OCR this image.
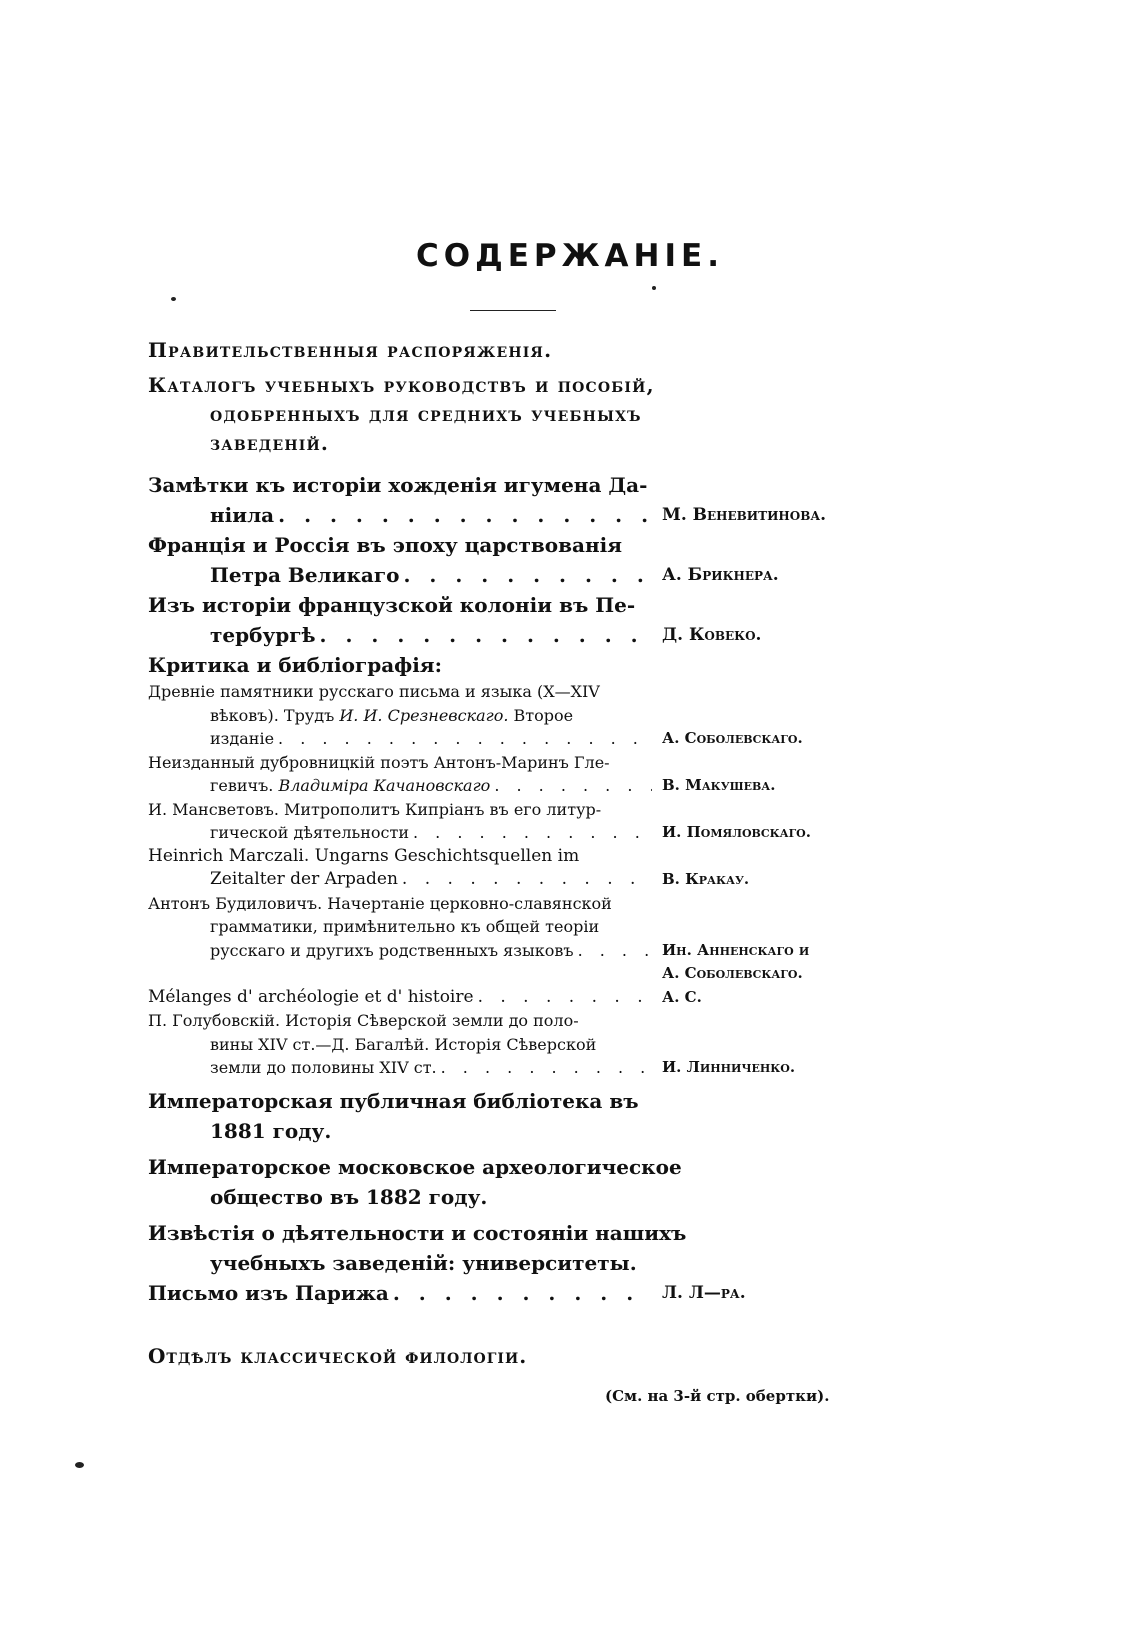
СОДЕРЖАНІЕ.
Правительственныя распоряженія.
Каталогъ учебныхъ руководствъ и пособій,
одобренныхъ для среднихъ учебныхъ
заведеній.
Замѣтки къ исторіи хожденія игумена Да-
ніила . . .	М. Веневитинова.
Франція и Россія въ эпоху царствованія
Петра Великаго . . .	А. Брикнера.
Изъ исторіи французской колоніи въ Пе-
тербургѣ . . .	Д. Ковеко.
Критика и библіографія:
Древніе памятники русскаго письма и языка (X—XIV
вѣковъ). Трудъ И. И. Срезневскаго. Второе
изданіе . . .	А. Соболевскаго.
Неизданный дубровницкій поэтъ Антонъ-Маринъ Гле-
гевичъ. Владиміра Качановскаго . . .	В. Макушева.
И. Мансветовъ. Митрополитъ Кипріанъ въ его литур-
гической дѣятельности . . .	И. Помяловскаго.
Heinrich Marczali. Ungarns Geschichtsquellen im
Zeitalter der Arpaden . . .	В. Кракау.
Антонъ Будиловичъ. Начертаніе церковно-славянской
грамматики, примѣнительно къ общей теоріи
русскаго и другихъ родственныхъ языковъ . . .	Ин. Анненскаго и
А. Соболевскаго.
Mélanges d' archéologie et d' histoire . . .	А. С.
П. Голубовскій. Исторія Сѣверской земли до поло-
вины XIV ст.—Д. Багалѣй. Исторія Сѣверской
земли до половины XIV ст. . . .	И. Линниченко.
Императорская публичная библіотека въ
1881 году.
Императорское московское археологическое
общество въ 1882 году.
Извѣстія о дѣятельности и состояніи нашихъ
учебныхъ заведеній: университеты.
Письмо изъ Парижа . . .	Л. Л—ра.
Отдѣлъ классической филологіи.
(См. на 3-й стр. обертки).
